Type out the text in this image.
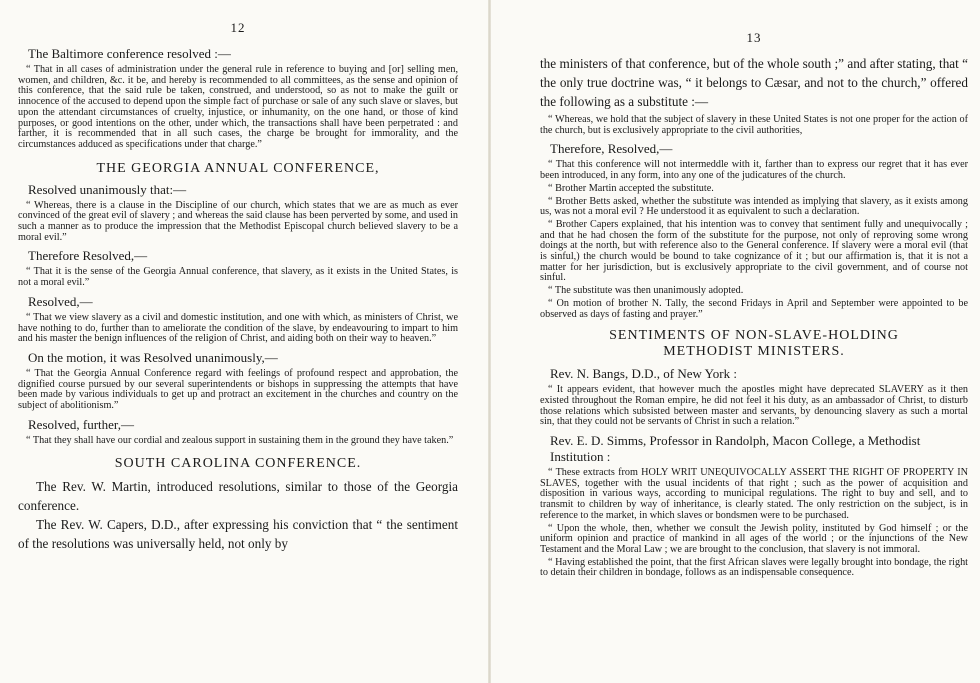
12

The Baltimore conference resolved :—

“ That in all cases of administration under the general rule in reference to buying and [or] selling men, women, and children, &c. it be, and hereby is recommended to all committees, as the sense and opinion of this conference, that the said rule be taken, construed, and understood, so as not to make the guilt or innocence of the accused to depend upon the simple fact of purchase or sale of any such slave or slaves, but upon the attendant circumstances of cruelty, injustice, or inhumanity, on the one hand, or those of kind purposes, or good intentions on the other, under which, the transactions shall have been perpetrated : and farther, it is recommended that in all such cases, the charge be brought for immorality, and the circumstances adduced as specifications under that charge.”

THE GEORGIA ANNUAL CONFERENCE,

Resolved unanimously that:—

“ Whereas, there is a clause in the Discipline of our church, which states that we are as much as ever convinced of the great evil of slavery ; and whereas the said clause has been perverted by some, and used in such a manner as to produce the impression that the Methodist Episcopal church believed slavery to be a moral evil.”

Therefore Resolved,—

“ That it is the sense of the Georgia Annual conference, that slavery, as it exists in the United States, is not a moral evil.”

Resolved,—

“ That we view slavery as a civil and domestic institution, and one with which, as ministers of Christ, we have nothing to do, further than to ameliorate the condition of the slave, by endeavouring to impart to him and his master the benign influences of the religion of Christ, and aiding both on their way to heaven.”

On the motion, it was Resolved unanimously,—

“ That the Georgia Annual Conference regard with feelings of profound respect and approbation, the dignified course pursued by our several superintendents or bishops in suppressing the attempts that have been made by various individuals to get up and protract an excitement in the churches and country on the subject of abolitionism.”

Resolved, further,—

“ That they shall have our cordial and zealous support in sustaining them in the ground they have taken.”

SOUTH CAROLINA CONFERENCE.

The Rev. W. Martin, introduced resolutions, similar to those of the Georgia conference.

The Rev. W. Capers, D.D., after expressing his conviction that “ the sentiment of the resolutions was universally held, not only by

13

the ministers of that conference, but of the whole south ;” and after stating, that “ the only true doctrine was, “ it belongs to Cæsar, and not to the church,” offered the following as a substitute :—

“ Whereas, we hold that the subject of slavery in these United States is not one proper for the action of the church, but is exclusively appropriate to the civil authorities,

Therefore, Resolved,—

“ That this conference will not intermeddle with it, farther than to express our regret that it has ever been introduced, in any form, into any one of the judicatures of the church.

“ Brother Martin accepted the substitute.

“ Brother Betts asked, whether the substitute was intended as implying that slavery, as it exists among us, was not a moral evil ? He understood it as equivalent to such a declaration.

“ Brother Capers explained, that his intention was to convey that sentiment fully and unequivocally ; and that he had chosen the form of the substitute for the purpose, not only of reproving some wrong doings at the north, but with reference also to the General conference. If slavery were a moral evil (that is sinful,) the church would be bound to take cognizance of it ; but our affirmation is, that it is not a matter for her jurisdiction, but is exclusively appropriate to the civil government, and of course not sinful.

“ The substitute was then unanimously adopted.

“ On motion of brother N. Tally, the second Fridays in April and September were appointed to be observed as days of fasting and prayer.”

SENTIMENTS OF NON-SLAVE-HOLDING
METHODIST MINISTERS.

Rev. N. Bangs, D.D., of New York :

“ It appears evident, that however much the apostles might have deprecated SLAVERY as it then existed throughout the Roman empire, he did not feel it his duty, as an ambassador of Christ, to disturb those relations which subsisted between master and servants, by denouncing slavery as such a mortal sin, that they could not be servants of Christ in such a relation.”

Rev. E. D. Simms, Professor in Randolph, Macon College, a Methodist Institution :

“ These extracts from HOLY WRIT UNEQUIVOCALLY ASSERT THE RIGHT OF PROPERTY IN SLAVES, together with the usual incidents of that right ; such as the power of acquisition and disposition in various ways, according to municipal regulations. The right to buy and sell, and to transmit to children by way of inheritance, is clearly stated. The only restriction on the subject, is in reference to the market, in which slaves or bondsmen were to be purchased.

“ Upon the whole, then, whether we consult the Jewish polity, instituted by God himself ; or the uniform opinion and practice of mankind in all ages of the world ; or the injunctions of the New Testament and the Moral Law ; we are brought to the conclusion, that slavery is not immoral.

“ Having established the point, that the first African slaves were legally brought into bondage, the right to detain their children in bondage, follows as an indispensable consequence.
